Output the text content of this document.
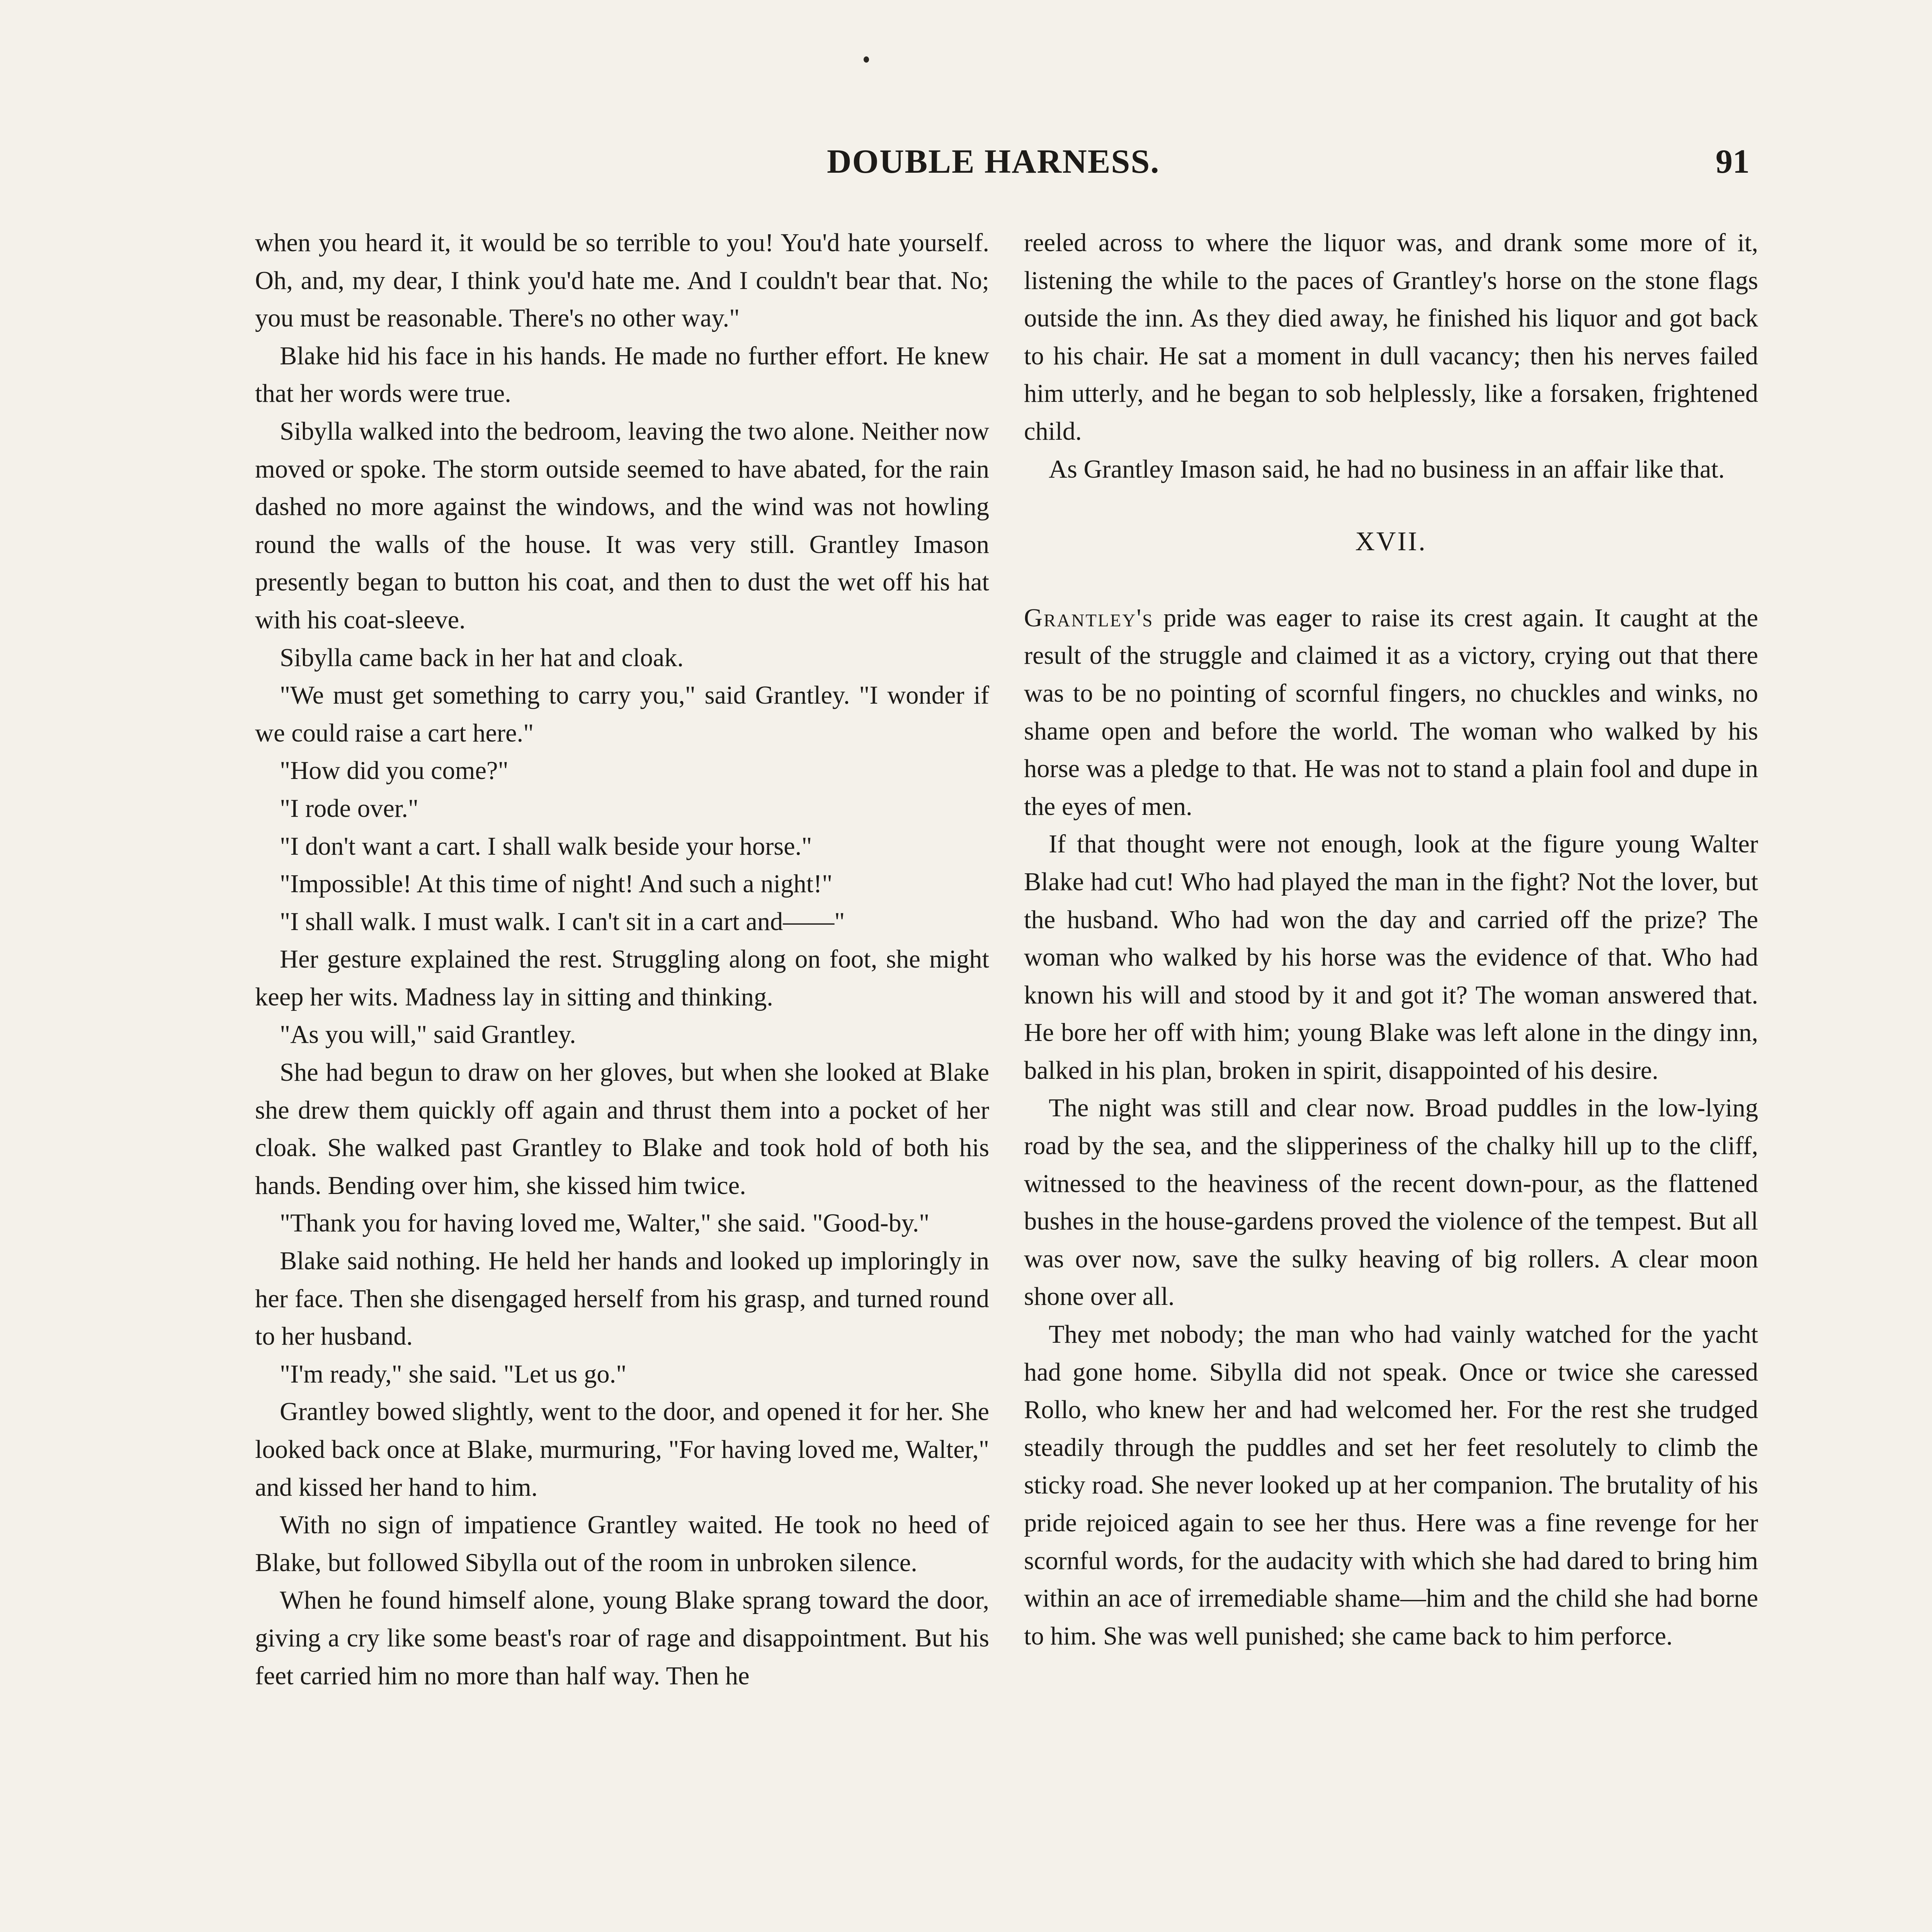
DOUBLE HARNESS.	91

when you heard it, it would be so terrible to you! You'd hate yourself. Oh, and, my dear, I think you'd hate me. And I couldn't bear that. No; you must be reasonable. There's no other way."

Blake hid his face in his hands. He made no further effort. He knew that her words were true.

Sibylla walked into the bedroom, leaving the two alone. Neither now moved or spoke. The storm outside seemed to have abated, for the rain dashed no more against the windows, and the wind was not howling round the walls of the house. It was very still. Grantley Imason presently began to button his coat, and then to dust the wet off his hat with his coat-sleeve.

Sibylla came back in her hat and cloak.

"We must get something to carry you," said Grantley. "I wonder if we could raise a cart here."

"How did you come?"

"I rode over."

"I don't want a cart. I shall walk beside your horse."

"Impossible! At this time of night! And such a night!"

"I shall walk. I must walk. I can't sit in a cart and——"

Her gesture explained the rest. Struggling along on foot, she might keep her wits. Madness lay in sitting and thinking.

"As you will," said Grantley.

She had begun to draw on her gloves, but when she looked at Blake she drew them quickly off again and thrust them into a pocket of her cloak. She walked past Grantley to Blake and took hold of both his hands. Bending over him, she kissed him twice.

"Thank you for having loved me, Walter," she said. "Good-by."

Blake said nothing. He held her hands and looked up imploringly in her face. Then she disengaged herself from his grasp, and turned round to her husband.

"I'm ready," she said. "Let us go."

Grantley bowed slightly, went to the door, and opened it for her. She looked back once at Blake, murmuring, "For having loved me, Walter," and kissed her hand to him.

With no sign of impatience Grantley waited. He took no heed of Blake, but followed Sibylla out of the room in unbroken silence.

When he found himself alone, young Blake sprang toward the door, giving a cry like some beast's roar of rage and disappointment. But his feet carried him no more than half way. Then he

reeled across to where the liquor was, and drank some more of it, listening the while to the paces of Grantley's horse on the stone flags outside the inn. As they died away, he finished his liquor and got back to his chair. He sat a moment in dull vacancy; then his nerves failed him utterly, and he began to sob helplessly, like a forsaken, frightened child.

As Grantley Imason said, he had no business in an affair like that.

XVII.

Grantley's pride was eager to raise its crest again. It caught at the result of the struggle and claimed it as a victory, crying out that there was to be no pointing of scornful fingers, no chuckles and winks, no shame open and before the world. The woman who walked by his horse was a pledge to that. He was not to stand a plain fool and dupe in the eyes of men.

If that thought were not enough, look at the figure young Walter Blake had cut! Who had played the man in the fight? Not the lover, but the husband. Who had won the day and carried off the prize? The woman who walked by his horse was the evidence of that. Who had known his will and stood by it and got it? The woman answered that. He bore her off with him; young Blake was left alone in the dingy inn, balked in his plan, broken in spirit, disappointed of his desire.

The night was still and clear now. Broad puddles in the low-lying road by the sea, and the slipperiness of the chalky hill up to the cliff, witnessed to the heaviness of the recent down-pour, as the flattened bushes in the house-gardens proved the violence of the tempest. But all was over now, save the sulky heaving of big rollers. A clear moon shone over all.

They met nobody; the man who had vainly watched for the yacht had gone home. Sibylla did not speak. Once or twice she caressed Rollo, who knew her and had welcomed her. For the rest she trudged steadily through the puddles and set her feet resolutely to climb the sticky road. She never looked up at her companion. The brutality of his pride rejoiced again to see her thus. Here was a fine revenge for her scornful words, for the audacity with which she had dared to bring him within an ace of irremediable shame—him and the child she had borne to him. She was well punished; she came back to him perforce.
